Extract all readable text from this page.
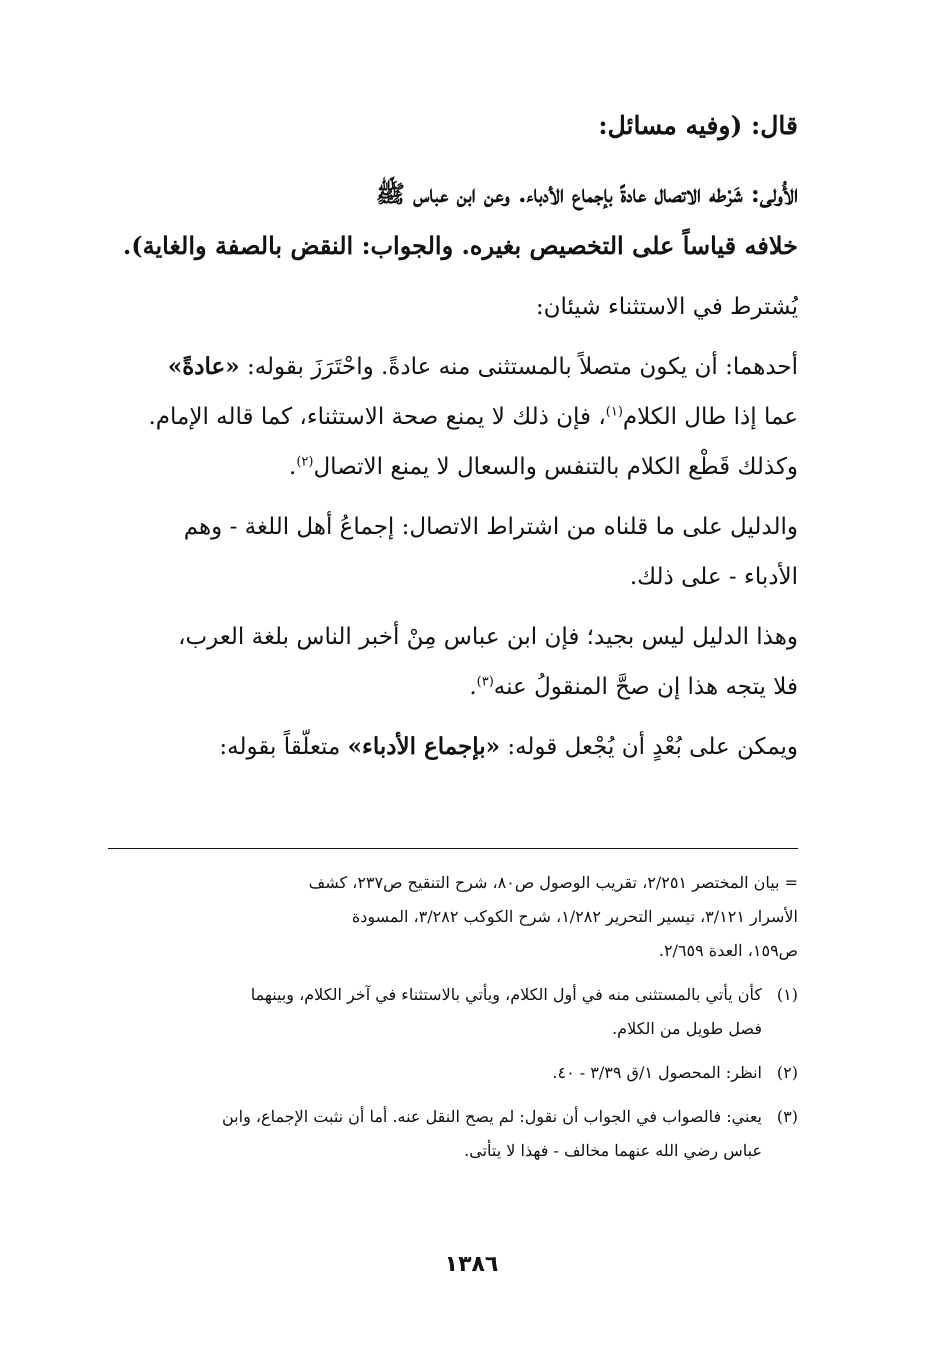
قال: (وفيه مسائل:

الأُولى: شَرْطه الاتصال عادةً بإجماع الأدباء. وعن ابن عباس ﷺ

خلافه قياساً على التخصيص بغيره. والجواب: النقض بالصفة والغاية).

يُشترط في الاستثناء شيئان:

أحدهما: أن يكون متصلاً بالمستثنى منه عادةً. واحْتَرَزَ بقوله: «عادةً»

عما إذا طال الكلام$^{(١)}$، فإن ذلك لا يمنع صحة الاستثناء، كما قاله الإمام.

وكذلك قَطْع الكلام بالتنفس والسعال لا يمنع الاتصال$^{(٢)}$.

والدليل على ما قلناه من اشتراط الاتصال: إجماعُ أهل اللغة - وهم

الأدباء - على ذلك.

وهذا الدليل ليس بجيد؛ فإن ابن عباس مِنْ أخبر الناس بلغة العرب،

فلا يتجه هذا إن صحَّ المنقولُ عنه$^{(٣)}$.

ويمكن على بُعْدٍ أن يُجْعل قوله: «بإجماع الأدباء» متعلّقاً بقوله:

= بيان المختصر ٢/٢٥١، تقريب الوصول ص٨٠، شرح التنقيح ص٢٣٧، كشف
الأسرار ٣/١٢١، تيسير التحرير ١/٢٨٢، شرح الكوكب ٣/٢٨٢، المسودة
ص١٥٩، العدة ٢/٦٥٩.
(١)كأن يأتي بالمستثنى منه في أول الكلام، ويأتي بالاستثناء في آخر الكلام، وبينهما
فصل طويل من الكلام.
(٢)انظر: المحصول ١/ق ٣/٣٩ - ٤٠.
(٣)يعني: فالصواب في الجواب أن نقول: لم يصح النقل عنه. أما أن نثبت الإجماع، وابن
عباس رضي الله عنهما مخالف - فهذا لا يتأتى.
١٣٨٦
